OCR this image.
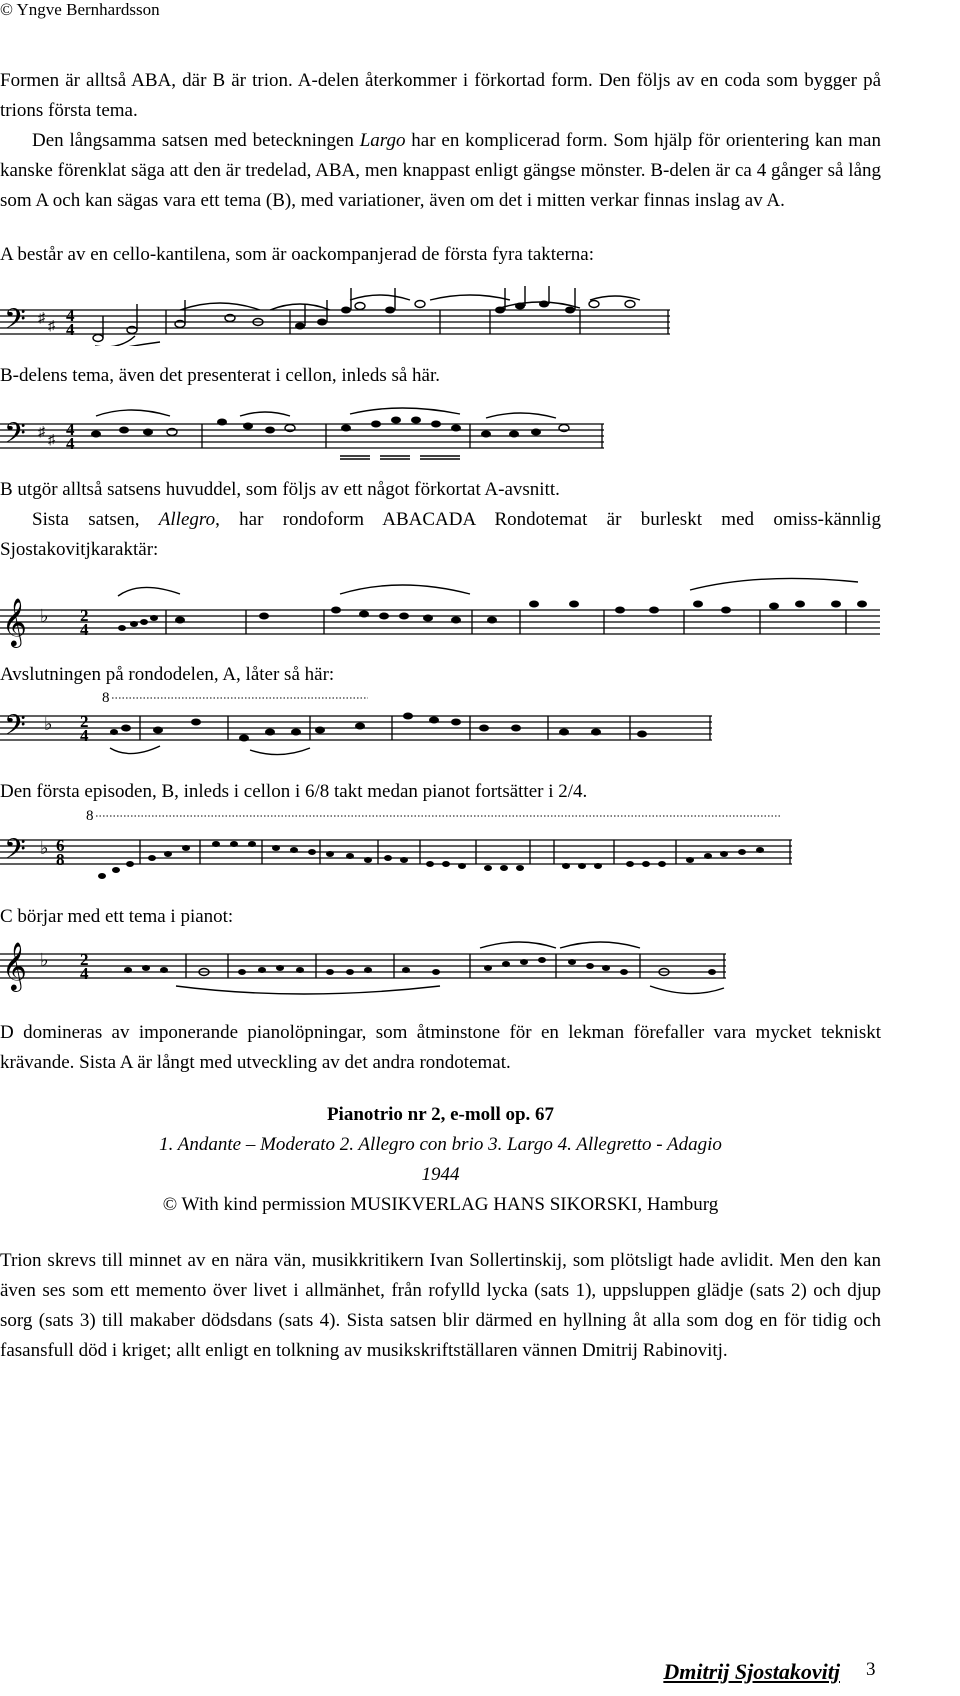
© Yngve Bernhardsson
Formen är alltså ABA, där B är trion. A-delen återkommer i förkortad form. Den följs av en coda som bygger på trions första tema.
Den långsamma satsen med beteckningen Largo har en komplicerad form. Som hjälp för orientering kan man kanske förenklat säga att den är tredelad, ABA, men knappast enligt gängse mönster. B-delen är ca 4 gånger så lång som A och kan sägas vara ett tema (B), med variationer, även om det i mitten verkar finnas inslag av A.
A består av en cello-kantilena, som är oackompanjerad de första fyra takterna:
𝄢 ♯
♯
4
4
B-delens tema, även det presenterat i cellon, inleds så här.
𝄢 ♯
♯
4
4
B utgör alltså satsens huvuddel, som följs av ett något förkortat A-avsnitt.
Sista satsen, Allegro, har rondoform ABACADA Rondotemat är burleskt med omiss-kännlig Sjostakovitjkaraktär:
𝄞 ♭ 2
4
Avslutningen på rondodelen, A, låter så här:
8
𝄢 ♭ 2
4
Den första episoden, B, inleds i cellon i 6/8 takt medan pianot fortsätter i 2/4.
8
𝄢 ♭ 6
8
C börjar med ett tema i pianot:
𝄞 ♭ 2
4
D domineras av imponerande pianolöpningar, som åtminstone för en lekman förefaller vara mycket tekniskt krävande. Sista A är långt med utveckling av det andra rondotemat.
Pianotrio nr 2, e-moll op. 67
1. Andante – Moderato 2. Allegro con brio 3. Largo 4. Allegretto - Adagio
1944
© With kind permission MUSIKVERLAG HANS SIKORSKI, Hamburg
Trion skrevs till minnet av en nära vän, musikkritikern Ivan Sollertinskij, som plötsligt hade avlidit. Men den kan även ses som ett memento över livet i allmänhet, från rofylld lycka (sats 1), uppsluppen glädje (sats 2) och djup sorg (sats 3) till makaber dödsdans (sats 4). Sista satsen blir därmed en hyllning åt alla som dog en för tidig och fasansfull död i kriget; allt enligt en tolkning av musikskriftställaren vännen Dmitrij Rabinovitj.
Dmitrij Sjostakovitj 3
